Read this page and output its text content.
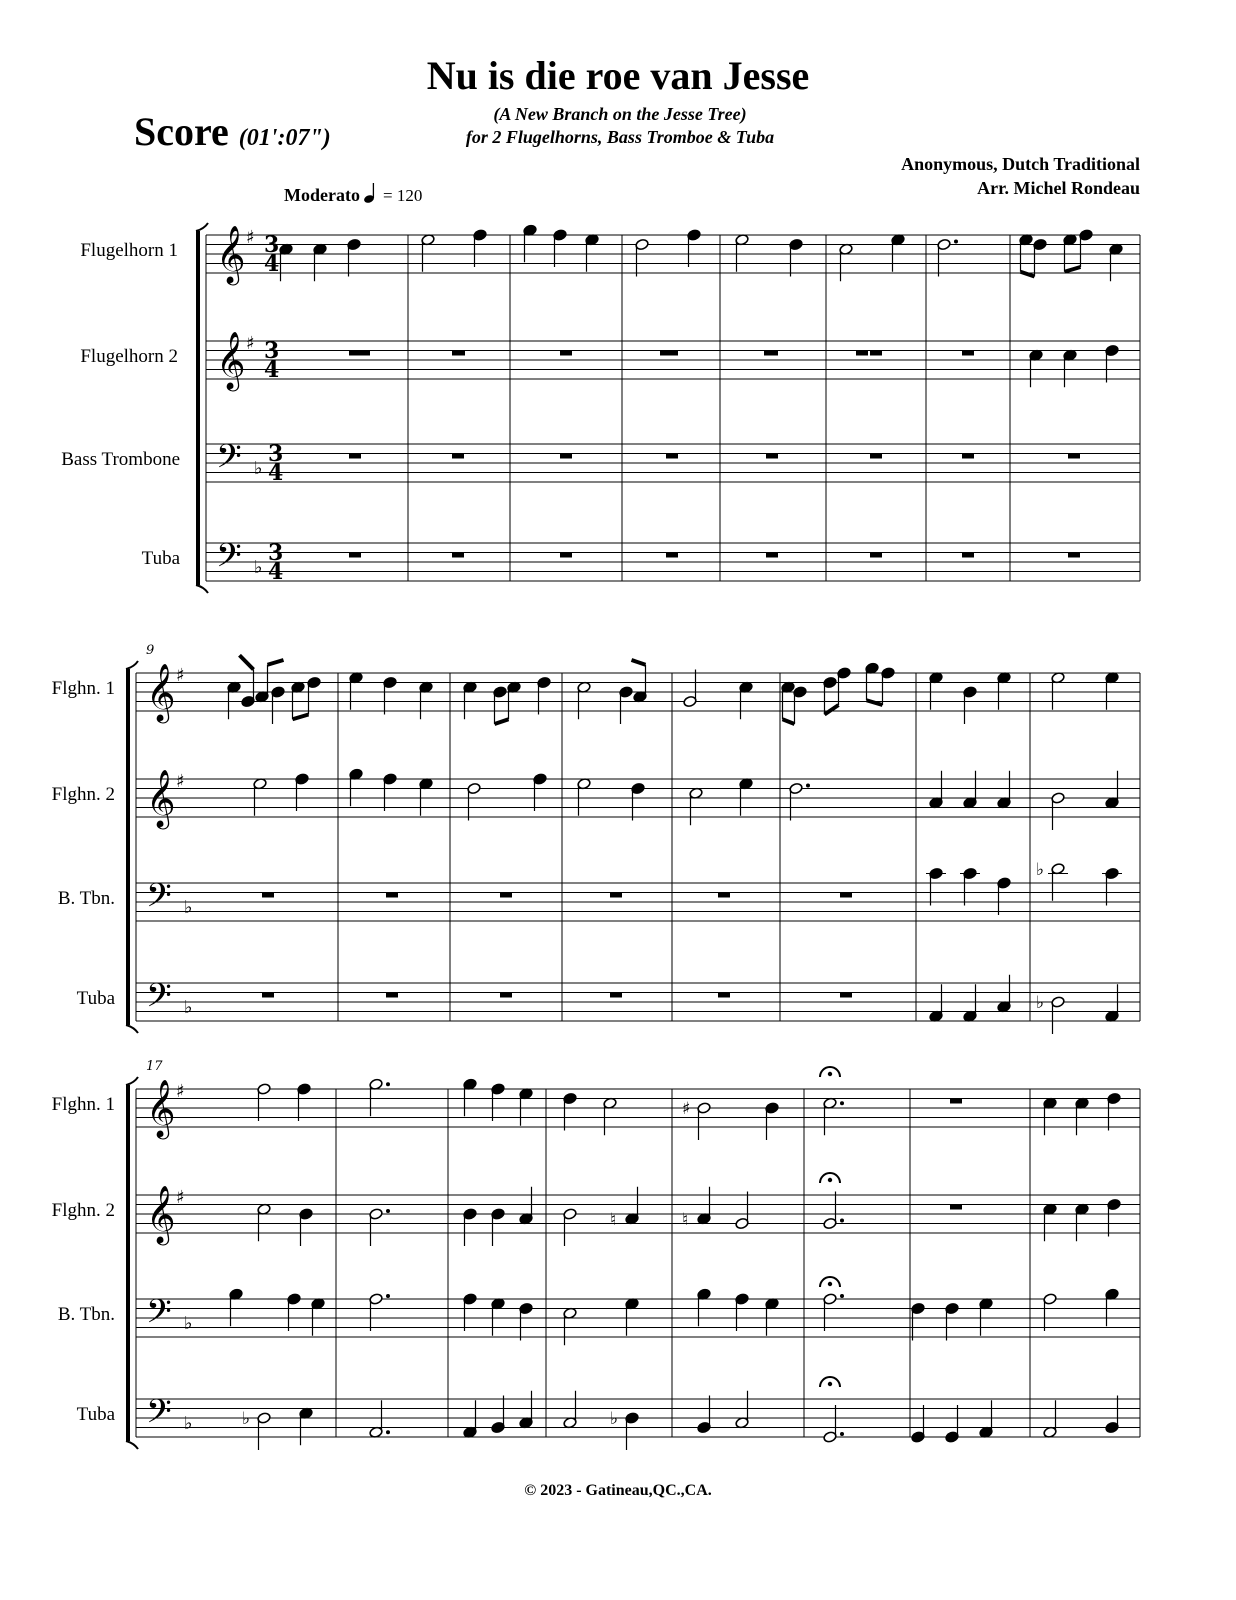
Nu is die roe van Jesse
(A New Branch on the Jesse Tree)
for 2 Flugelhorns, Bass Tromboe & Tuba
Score (01':07")
Anonymous, Dutch Traditional
Arr. Michel Rondeau
Moderato = 120
Flugelhorn 1
Flugelhorn 2
Bass Trombone
Tuba
Flghn. 1
Flghn. 2
B. Tbn.
Tuba
Flghn. 1
Flghn. 2
B. Tbn.
Tuba
© 2023 - Gatineau,QC.,CA.
𝄞 ♯ 3
4
𝄞 ♯ 3
4
𝄢 ♭
3
4
𝄢 ♭
3
4
𝄞 ♯
𝄞 ♯
𝄢 ♭
𝄢 ♭
𝄞 ♯
𝄞 ♯
𝄢 ♭
𝄢 ♭
9
17
♭
♭
♯
♮	♮
♭	♭
